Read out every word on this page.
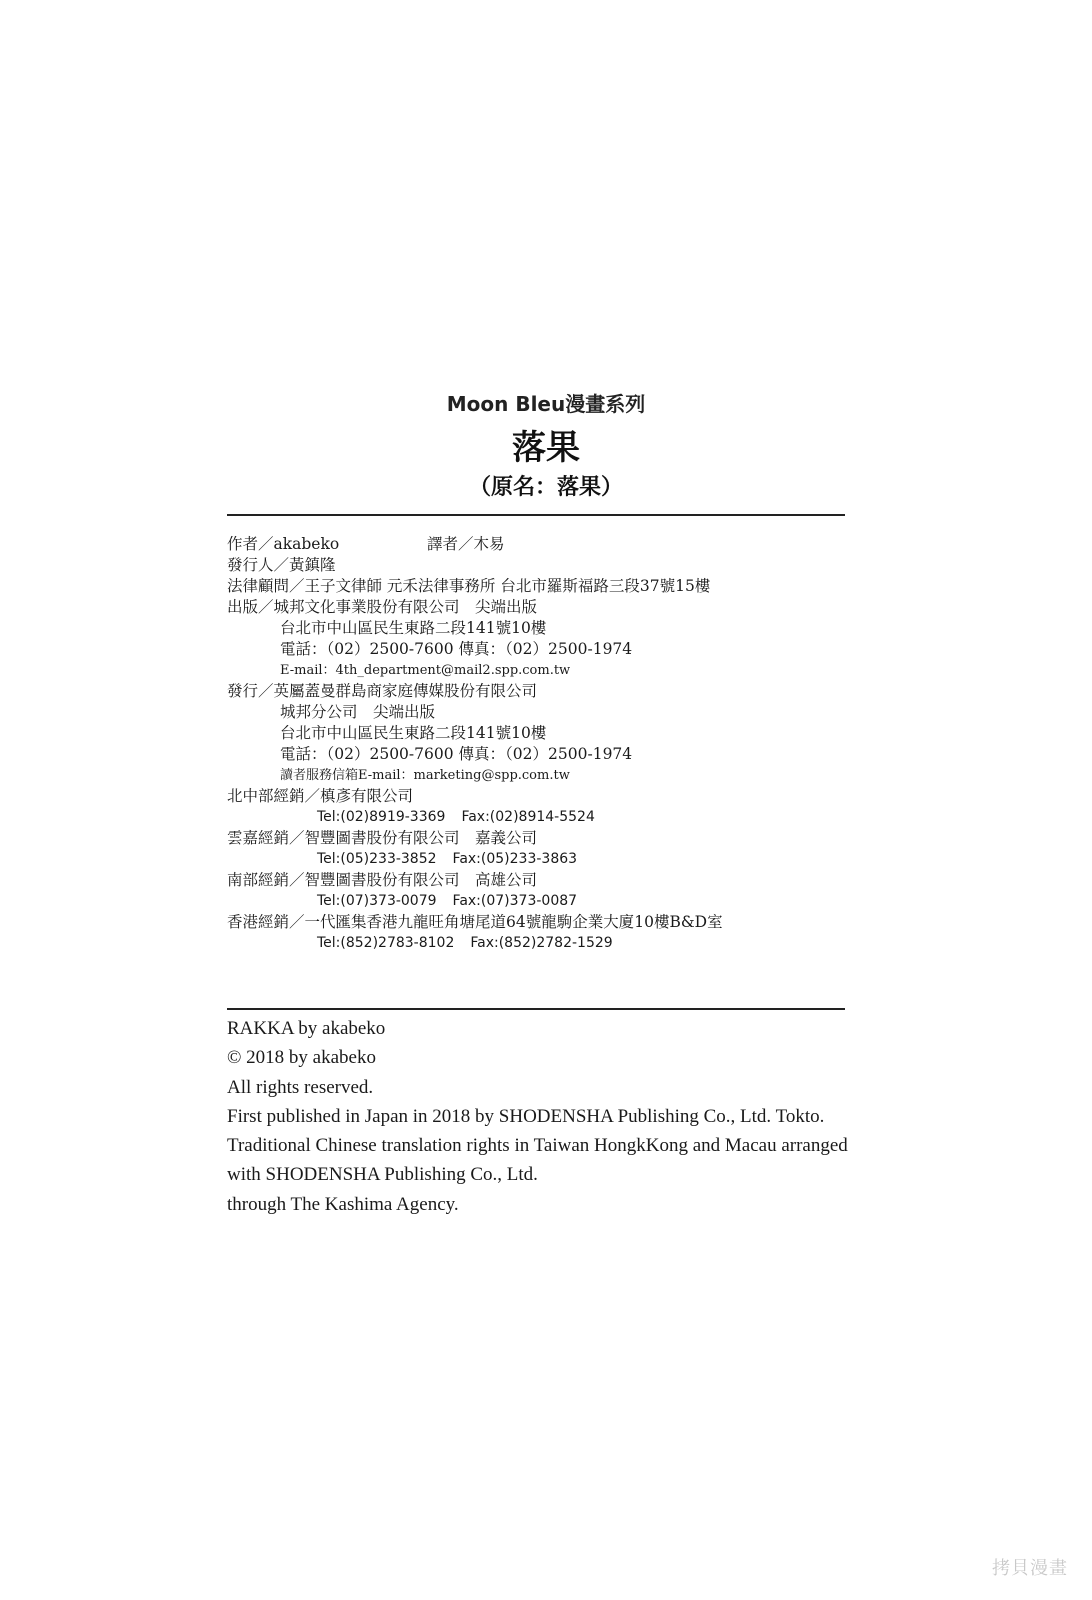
Moon Bleu漫畫系列
落果
（原名：落果）
作者／akabeko	譯者／木易
發行人／黃鎮隆
法律顧問／王子文律師 元禾法律事務所 台北市羅斯福路三段37號15樓
出版／城邦文化事業股份有限公司　尖端出版
台北市中山區民生東路二段141號10樓
電話：（02）2500-7600 傳真：（02）2500-1974
E-mail：4th_department@mail2.spp.com.tw
發行／英屬蓋曼群島商家庭傳媒股份有限公司
城邦分公司　尖端出版
台北市中山區民生東路二段141號10樓
電話：（02）2500-7600 傳真：（02）2500-1974
讀者服務信箱E-mail：marketing@spp.com.tw
北中部經銷／槙彥有限公司
Tel:(02)8919-3369 Fax:(02)8914-5524
雲嘉經銷／智豐圖書股份有限公司　嘉義公司
Tel:(05)233-3852 Fax:(05)233-3863
南部經銷／智豐圖書股份有限公司　高雄公司
Tel:(07)373-0079 Fax:(07)373-0087
香港經銷／一代匯集香港九龍旺角塘尾道64號龍駒企業大廈10樓B&D室
Tel:(852)2783-8102 Fax:(852)2782-1529
RAKKA by akabeko
© 2018 by akabeko
All rights reserved.
First published in Japan in 2018 by SHODENSHA Publishing Co., Ltd. Tokto.
Traditional Chinese translation rights in Taiwan HongkKong and Macau arranged
with SHODENSHA Publishing Co., Ltd.
through The Kashima Agency.
拷貝漫畫
